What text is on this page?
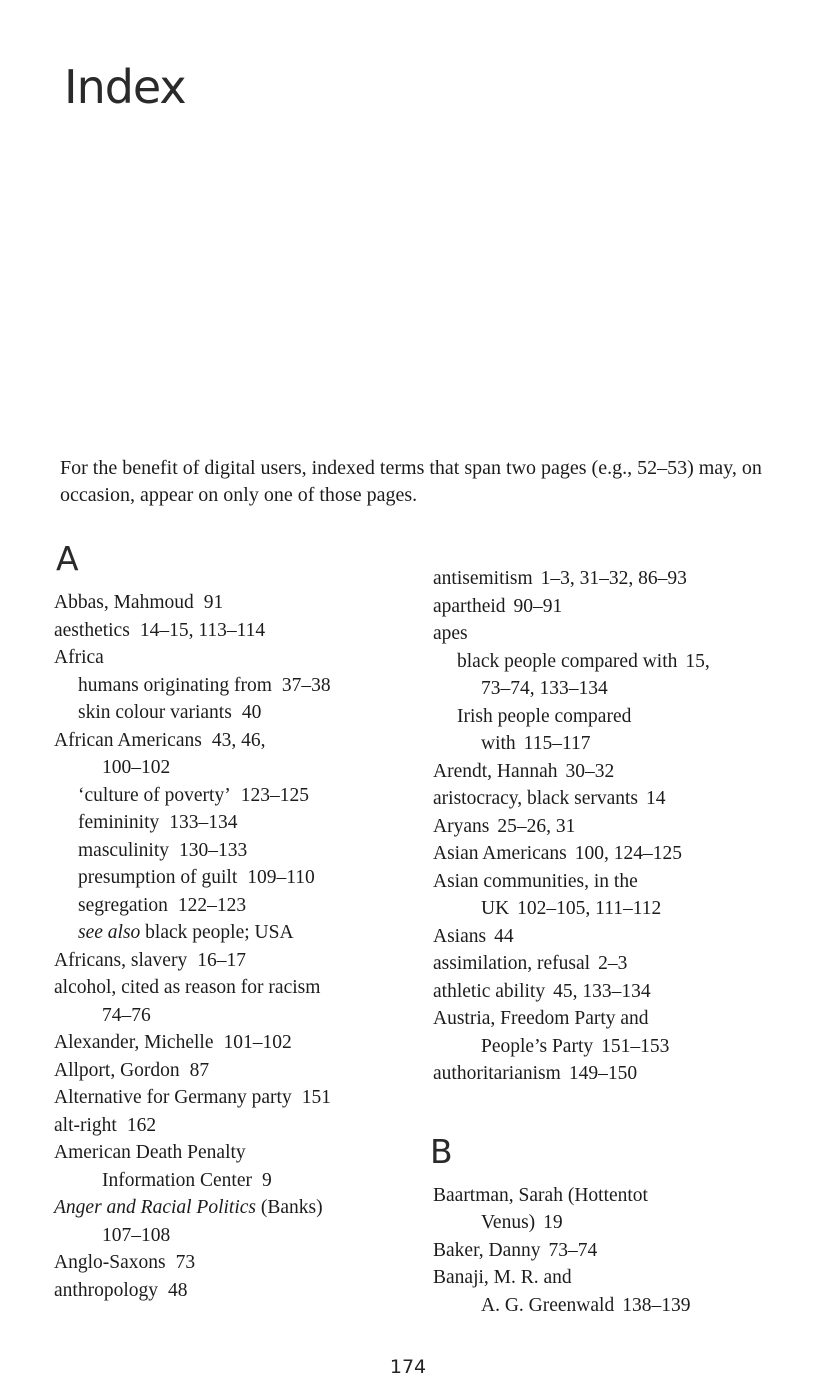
Index

For the benefit of digital users, indexed terms that span two pages (e.g., 52–53) may, on occasion, appear on only one of those pages.

A
Abbas, Mahmoud 91
aesthetics 14–15, 113–114
Africa
humans originating from 37–38
skin colour variants 40
African Americans 43, 46,
100–102
‘culture of poverty’ 123–125
femininity 133–134
masculinity 130–133
presumption of guilt 109–110
segregation 122–123
see also black people; USA
Africans, slavery 16–17
alcohol, cited as reason for racism
74–76
Alexander, Michelle 101–102
Allport, Gordon 87
Alternative for Germany party 151
alt-right 162
American Death Penalty
Information Center 9
Anger and Racial Politics (Banks)
107–108
Anglo-Saxons 73
anthropology 48
antisemitism 1–3, 31–32, 86–93
apartheid 90–91
apes
black people compared with 15,
73–74, 133–134
Irish people compared
with 115–117
Arendt, Hannah 30–32
aristocracy, black servants 14
Aryans 25–26, 31
Asian Americans 100, 124–125
Asian communities, in the
UK 102–105, 111–112
Asians 44
assimilation, refusal 2–3
athletic ability 45, 133–134
Austria, Freedom Party and
People’s Party 151–153
authoritarianism 149–150
B
Baartman, Sarah (Hottentot
Venus) 19
Baker, Danny 73–74
Banaji, M. R. and
A. G. Greenwald 138–139
174
